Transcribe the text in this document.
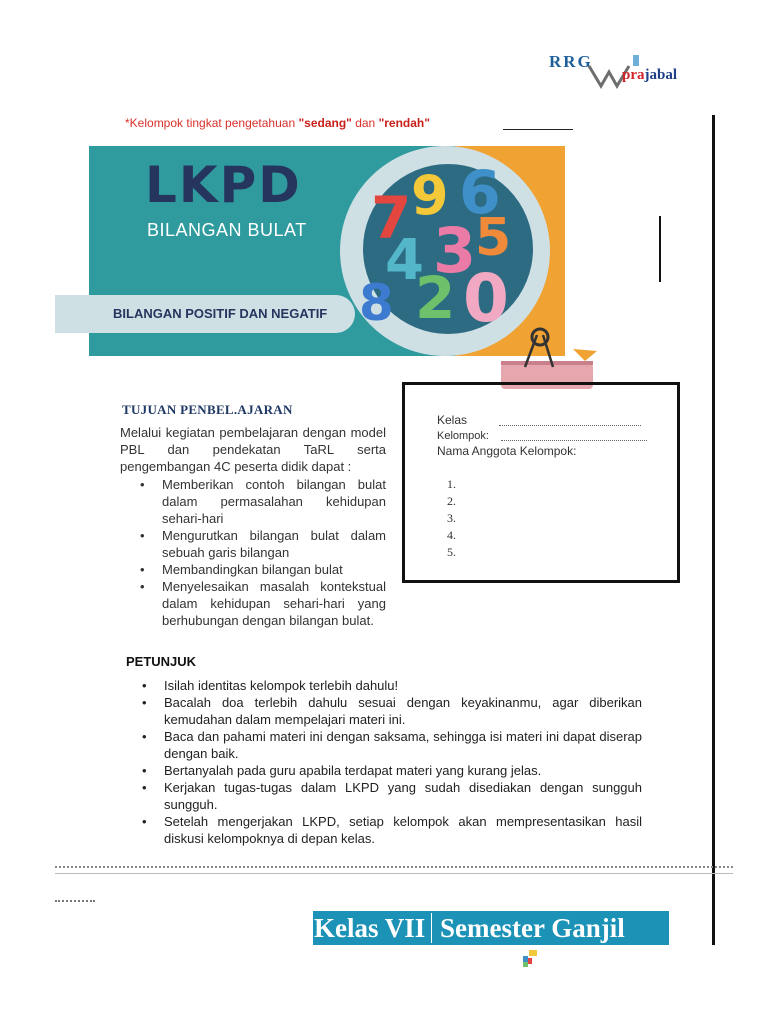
RRG
prajabal
*Kelompok tingkat pengetahuan "sedang" dan "rendah"
LKPD
BILANGAN BULAT
BILANGAN POSITIF DAN NEGATIF
7 9 6
4 3
5
2 0
8
TUJUAN PENBEL.AJARAN
Melalui kegiatan pembelajaran dengan model PBL dan pendekatan TaRL serta pengembangan 4C peserta didik dapat :
• Memberikan contoh bilangan bulat dalam permasalahan kehidupan sehari-hari
• Mengurutkan bilangan bulat dalam sebuah garis bilangan
• Membandingkan bilangan bulat
• Menyelesaikan masalah kontekstual dalam kehidupan sehari-hari yang berhubungan dengan bilangan bulat.
Kelas
Kelompok:
Nama Anggota Kelompok:
1.
2.
3.
4.
5.
PETUNJUK
• Isilah identitas kelompok terlebih dahulu!
• Bacalah doa terlebih dahulu sesuai dengan keyakinanmu, agar diberikan kemudahan dalam mempelajari materi ini.
• Baca dan pahami materi ini dengan saksama, sehingga isi materi ini dapat diserap dengan baik.
• Bertanyalah pada guru apabila terdapat materi yang kurang jelas.
• Kerjakan tugas-tugas dalam LKPD yang sudah disediakan dengan sungguh sungguh.
• Setelah mengerjakan LKPD, setiap kelompok akan mempresentasikan hasil diskusi kelompoknya di depan kelas.
Kelas VII Semester Ganjil
